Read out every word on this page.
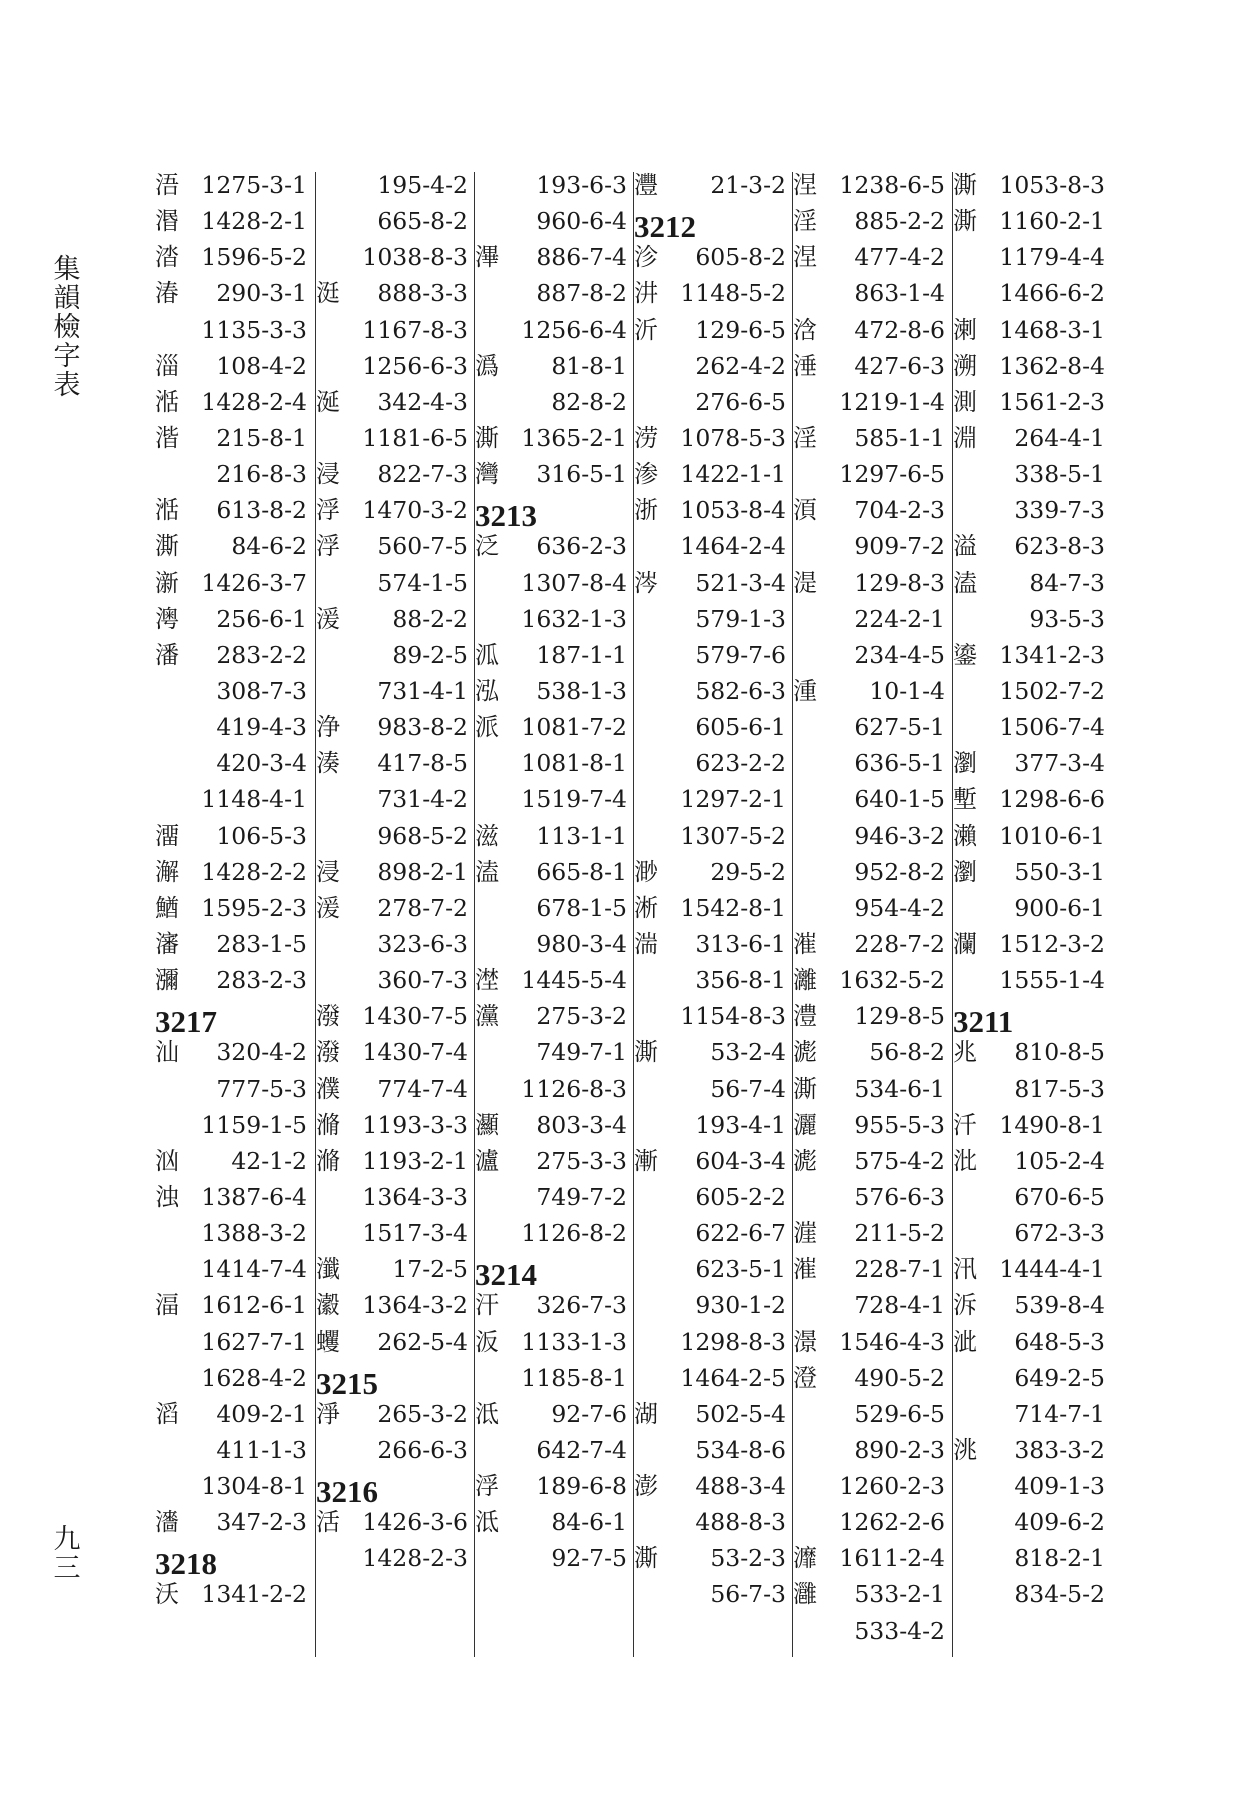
集韻檢字表
九三
浯 1275-3-1
湣 1428-2-1
涾 1596-5-2
湷 290-3-1
1135-3-3
淄 108-4-2
湉 1428-2-4
湝 215-8-1
216-8-3
湉 613-8-2
澌 84-6-2
澵 1426-3-7
澚 256-6-1
潘 283-2-2
308-7-3
419-4-3
420-3-4
1148-4-1
澑 106-5-3
澥 1428-2-2
鰌 1595-2-3
瀋 283-1-5
瀰 283-2-3
3217
汕 320-4-2
777-5-3
1159-1-5
汹 42-1-2
浊 1387-6-4
1388-3-2
1414-7-4
湢 1612-6-1
1627-7-1
1628-4-2
滔 409-2-1
411-1-3
1304-8-1
瀒 347-2-3
3218
沃 1341-2-2
195-4-2
665-8-2
1038-8-3
涏 888-3-3
1167-8-3
1256-6-3
涎 342-4-3
1181-6-5
浸 822-7-3
浮 1470-3-2
浮 560-7-5
574-1-5
湲 88-2-2
89-2-5
731-4-1
浄 983-8-2
湊 417-8-5
731-4-2
968-5-2
浸 898-2-1
湲 278-7-2
323-6-3
360-7-3
潑 1430-7-5
潑 1430-7-4
濮 774-7-4
滫 1193-3-3
滫 1193-2-1
1364-3-3
1517-3-4
瀸 17-2-5
瀫 1364-3-2
蠼 262-5-4
3215
淨 265-3-2
266-6-3
3216
活 1426-3-6
1428-2-3
193-6-3
960-6-4
滭 886-7-4
887-8-2
1256-6-4
潙 81-8-1
82-8-2
澌 1365-2-1
灣 316-5-1
3213
泛 636-2-3
1307-8-4
1632-1-3
泒 187-1-1
泓 538-1-3
派 1081-7-2
1081-8-1
1519-7-4
滋 113-1-1
溘 665-8-1
678-1-5
980-3-4
漜 1445-5-4
灙 275-3-2
749-7-1
1126-8-3
灦 803-3-4
瀘 275-3-3
749-7-2
1126-8-2
3214
汗 326-7-3
汳 1133-1-3
1185-8-1
泜 92-7-6
642-7-4
浮 189-6-8
泜 84-6-1
92-7-5
灃 21-3-2
3212
沴 605-8-2
汫 1148-5-2
沂 129-6-5
262-4-2
276-6-5
涝 1078-5-3
渗 1422-1-1
浙 1053-8-4
1464-2-4
涔 521-3-4
579-1-3
579-7-6
582-6-3
605-6-1
623-2-2
1297-2-1
1307-5-2
渺 29-5-2
淅 1542-8-1
湍 313-6-1
356-8-1
1154-8-3
澌 53-2-4
56-7-4
193-4-1
漸 604-3-4
605-2-2
622-6-7
623-5-1
930-1-2
1298-8-3
1464-2-5
湖 502-5-4
534-8-6
澎 488-3-4
488-8-3
澌 53-2-3
56-7-3
涅 1238-6-5
淫 885-2-2
涅 477-4-2
863-1-4
浛 472-8-6
涶 427-6-3
1219-1-4
淫 585-1-1
1297-6-5
湏 704-2-3
909-7-2
湜 129-8-3
224-2-1
234-4-5
湩 10-1-4
627-5-1
636-5-1
640-1-5
946-3-2
952-8-2
954-4-2
漼 228-7-2
灕 1632-5-2
澧 129-8-5
滮 56-8-2
澌 534-6-1
灑 955-5-3
滮 575-4-2
576-6-3
漄 211-5-2
漼 228-7-1
728-4-1
澋 1546-4-3
澄 490-5-2
529-6-5
890-2-3
1260-2-3
1262-2-6
灖 1611-2-4
灉 533-2-1
533-4-2
澌 1053-8-3
澌 1160-2-1
1179-4-4
1466-6-2
溂 1468-3-1
溯 1362-8-4
測 1561-2-3
淵 264-4-1
338-5-1
339-7-3
溢 623-8-3
溘 84-7-3
93-5-3
鎏 1341-2-3
1502-7-2
1506-7-4
瀏 377-3-4
塹 1298-6-6
瀨 1010-6-1
瀏 550-3-1
900-6-1
瀾 1512-3-2
1555-1-4
3211
兆 810-8-5
817-5-3
汘 1490-8-1
沘 105-2-4
670-6-5
672-3-3
汛 1444-4-1
泝 539-8-4
泚 648-5-3
649-2-5
714-7-1
洮 383-3-2
409-1-3
409-6-2
818-2-1
834-5-2
